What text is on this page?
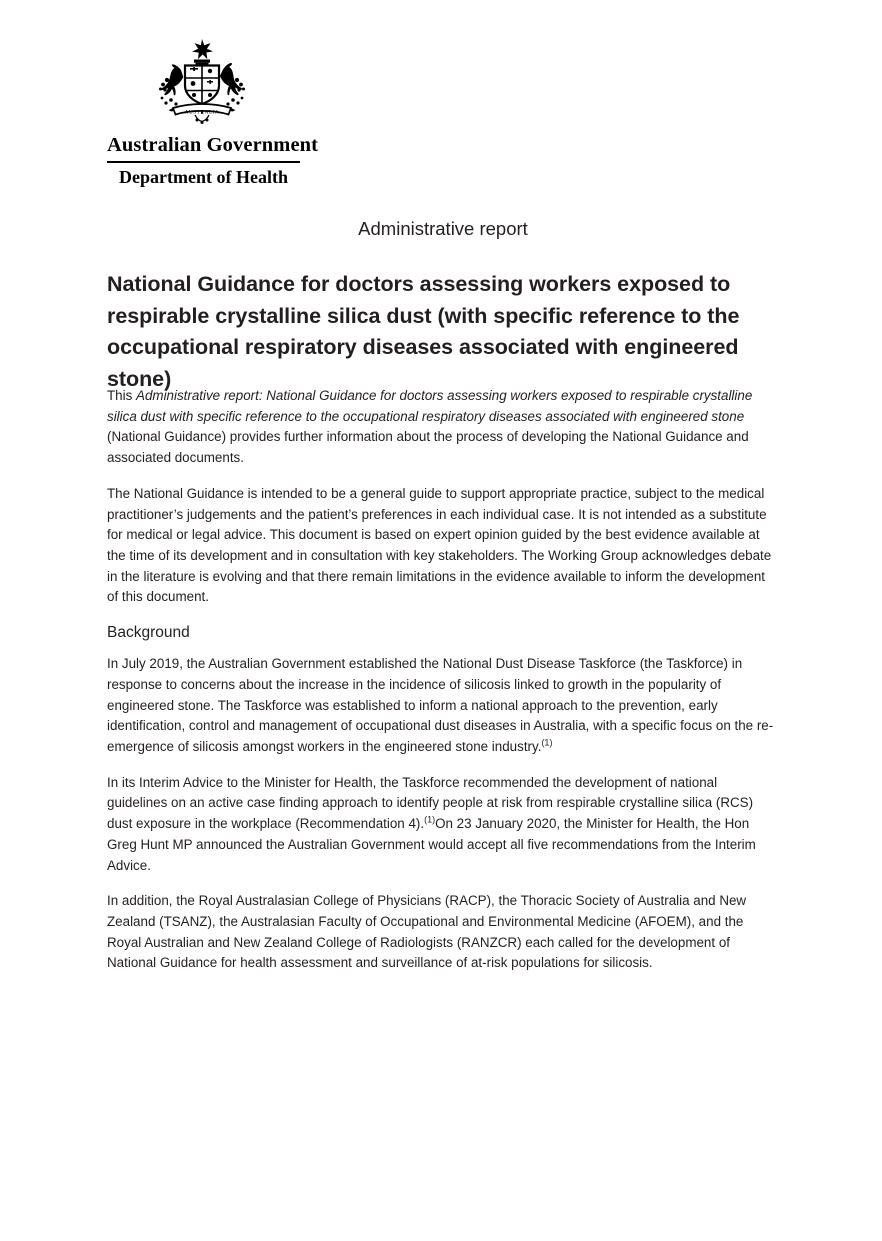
AUSTRALIA
Australian Government
Department of Health
Administrative report
National Guidance for doctors assessing workers exposed to respirable crystalline silica dust (with specific reference to the occupational respiratory diseases associated with engineered stone)

This Administrative report: National Guidance for doctors assessing workers exposed to respirable crystalline silica dust with specific reference to the occupational respiratory diseases associated with engineered stone (National Guidance) provides further information about the process of developing the National Guidance and associated documents.

The National Guidance is intended to be a general guide to support appropriate practice, subject to the medical practitioner’s judgements and the patient’s preferences in each individual case. It is not intended as a substitute for medical or legal advice. This document is based on expert opinion guided by the best evidence available at the time of its development and in consultation with key stakeholders. The Working Group acknowledges debate in the literature is evolving and that there remain limitations in the evidence available to inform the development of this document.

Background

In July 2019, the Australian Government established the National Dust Disease Taskforce (the Taskforce) in response to concerns about the increase in the incidence of silicosis linked to growth in the popularity of engineered stone. The Taskforce was established to inform a national approach to the prevention, early identification, control and management of occupational dust diseases in Australia, with a specific focus on the re-emergence of silicosis amongst workers in the engineered stone industry.$^{(1)}$

In its Interim Advice to the Minister for Health, the Taskforce recommended the development of national guidelines on an active case finding approach to identify people at risk from respirable crystalline silica (RCS) dust exposure in the workplace (Recommendation 4).$^{(1)}$On 23 January 2020, the Minister for Health, the Hon Greg Hunt MP announced the Australian Government would accept all five recommendations from the Interim Advice.

In addition, the Royal Australasian College of Physicians (RACP), the Thoracic Society of Australia and New Zealand (TSANZ), the Australasian Faculty of Occupational and Environmental Medicine (AFOEM), and the Royal Australian and New Zealand College of Radiologists (RANZCR) each called for the development of National Guidance for health assessment and surveillance of at-risk populations for silicosis.
